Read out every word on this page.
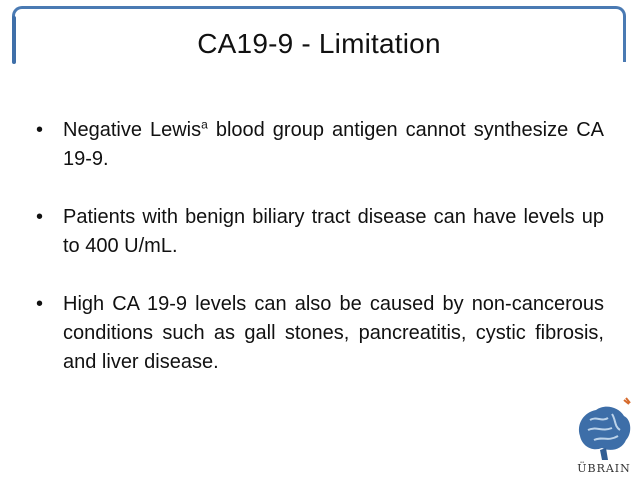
CA19-9 - Limitation
• Negative Lewis$^a$ blood group antigen cannot synthesize CA 19-9.
• Patients with benign biliary tract disease can have levels up to 400 U/mL.
• High CA 19-9 levels can also be caused by non-cancerous conditions such as gall stones, pancreatitis, cystic fibrosis, and liver disease.
ÜBRAIN
